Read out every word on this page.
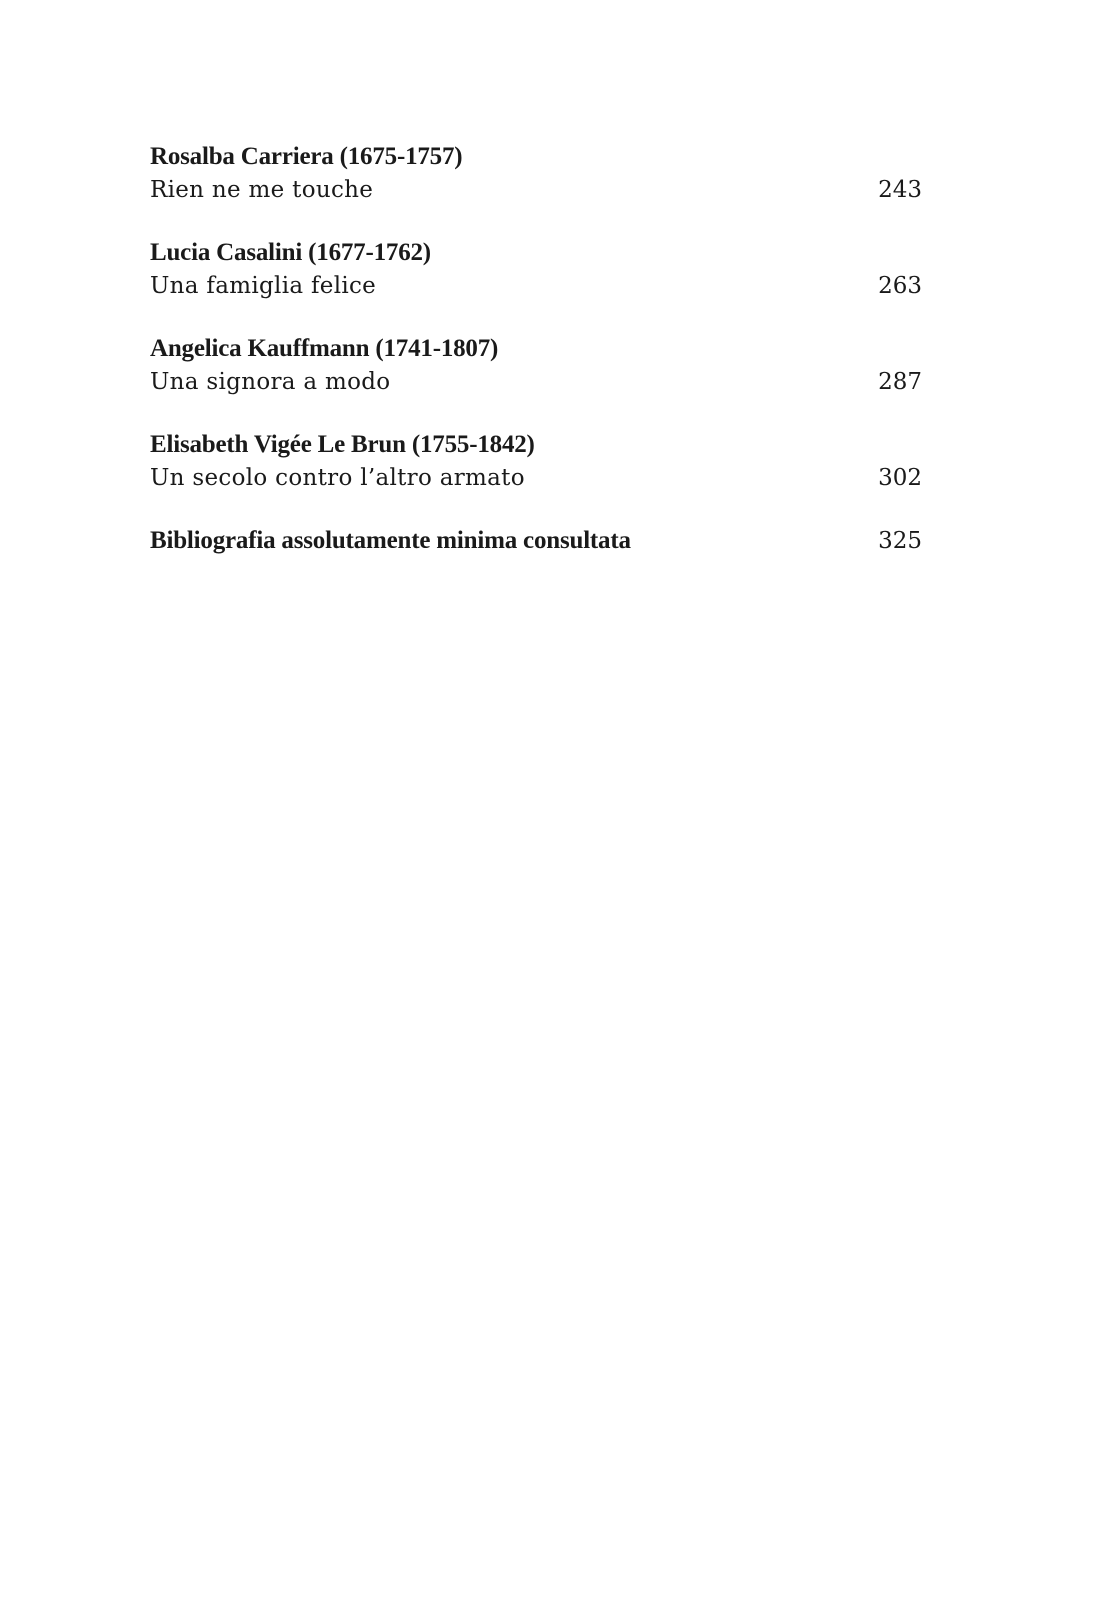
Rosalba Carriera (1675-1757)
Rien ne me touche	243
Lucia Casalini (1677-1762)
Una famiglia felice	263
Angelica Kauffmann (1741-1807)
Una signora a modo	287
Elisabeth Vigée Le Brun (1755-1842)
Un secolo contro l’altro armato	302
Bibliografia assolutamente minima consultata	325
